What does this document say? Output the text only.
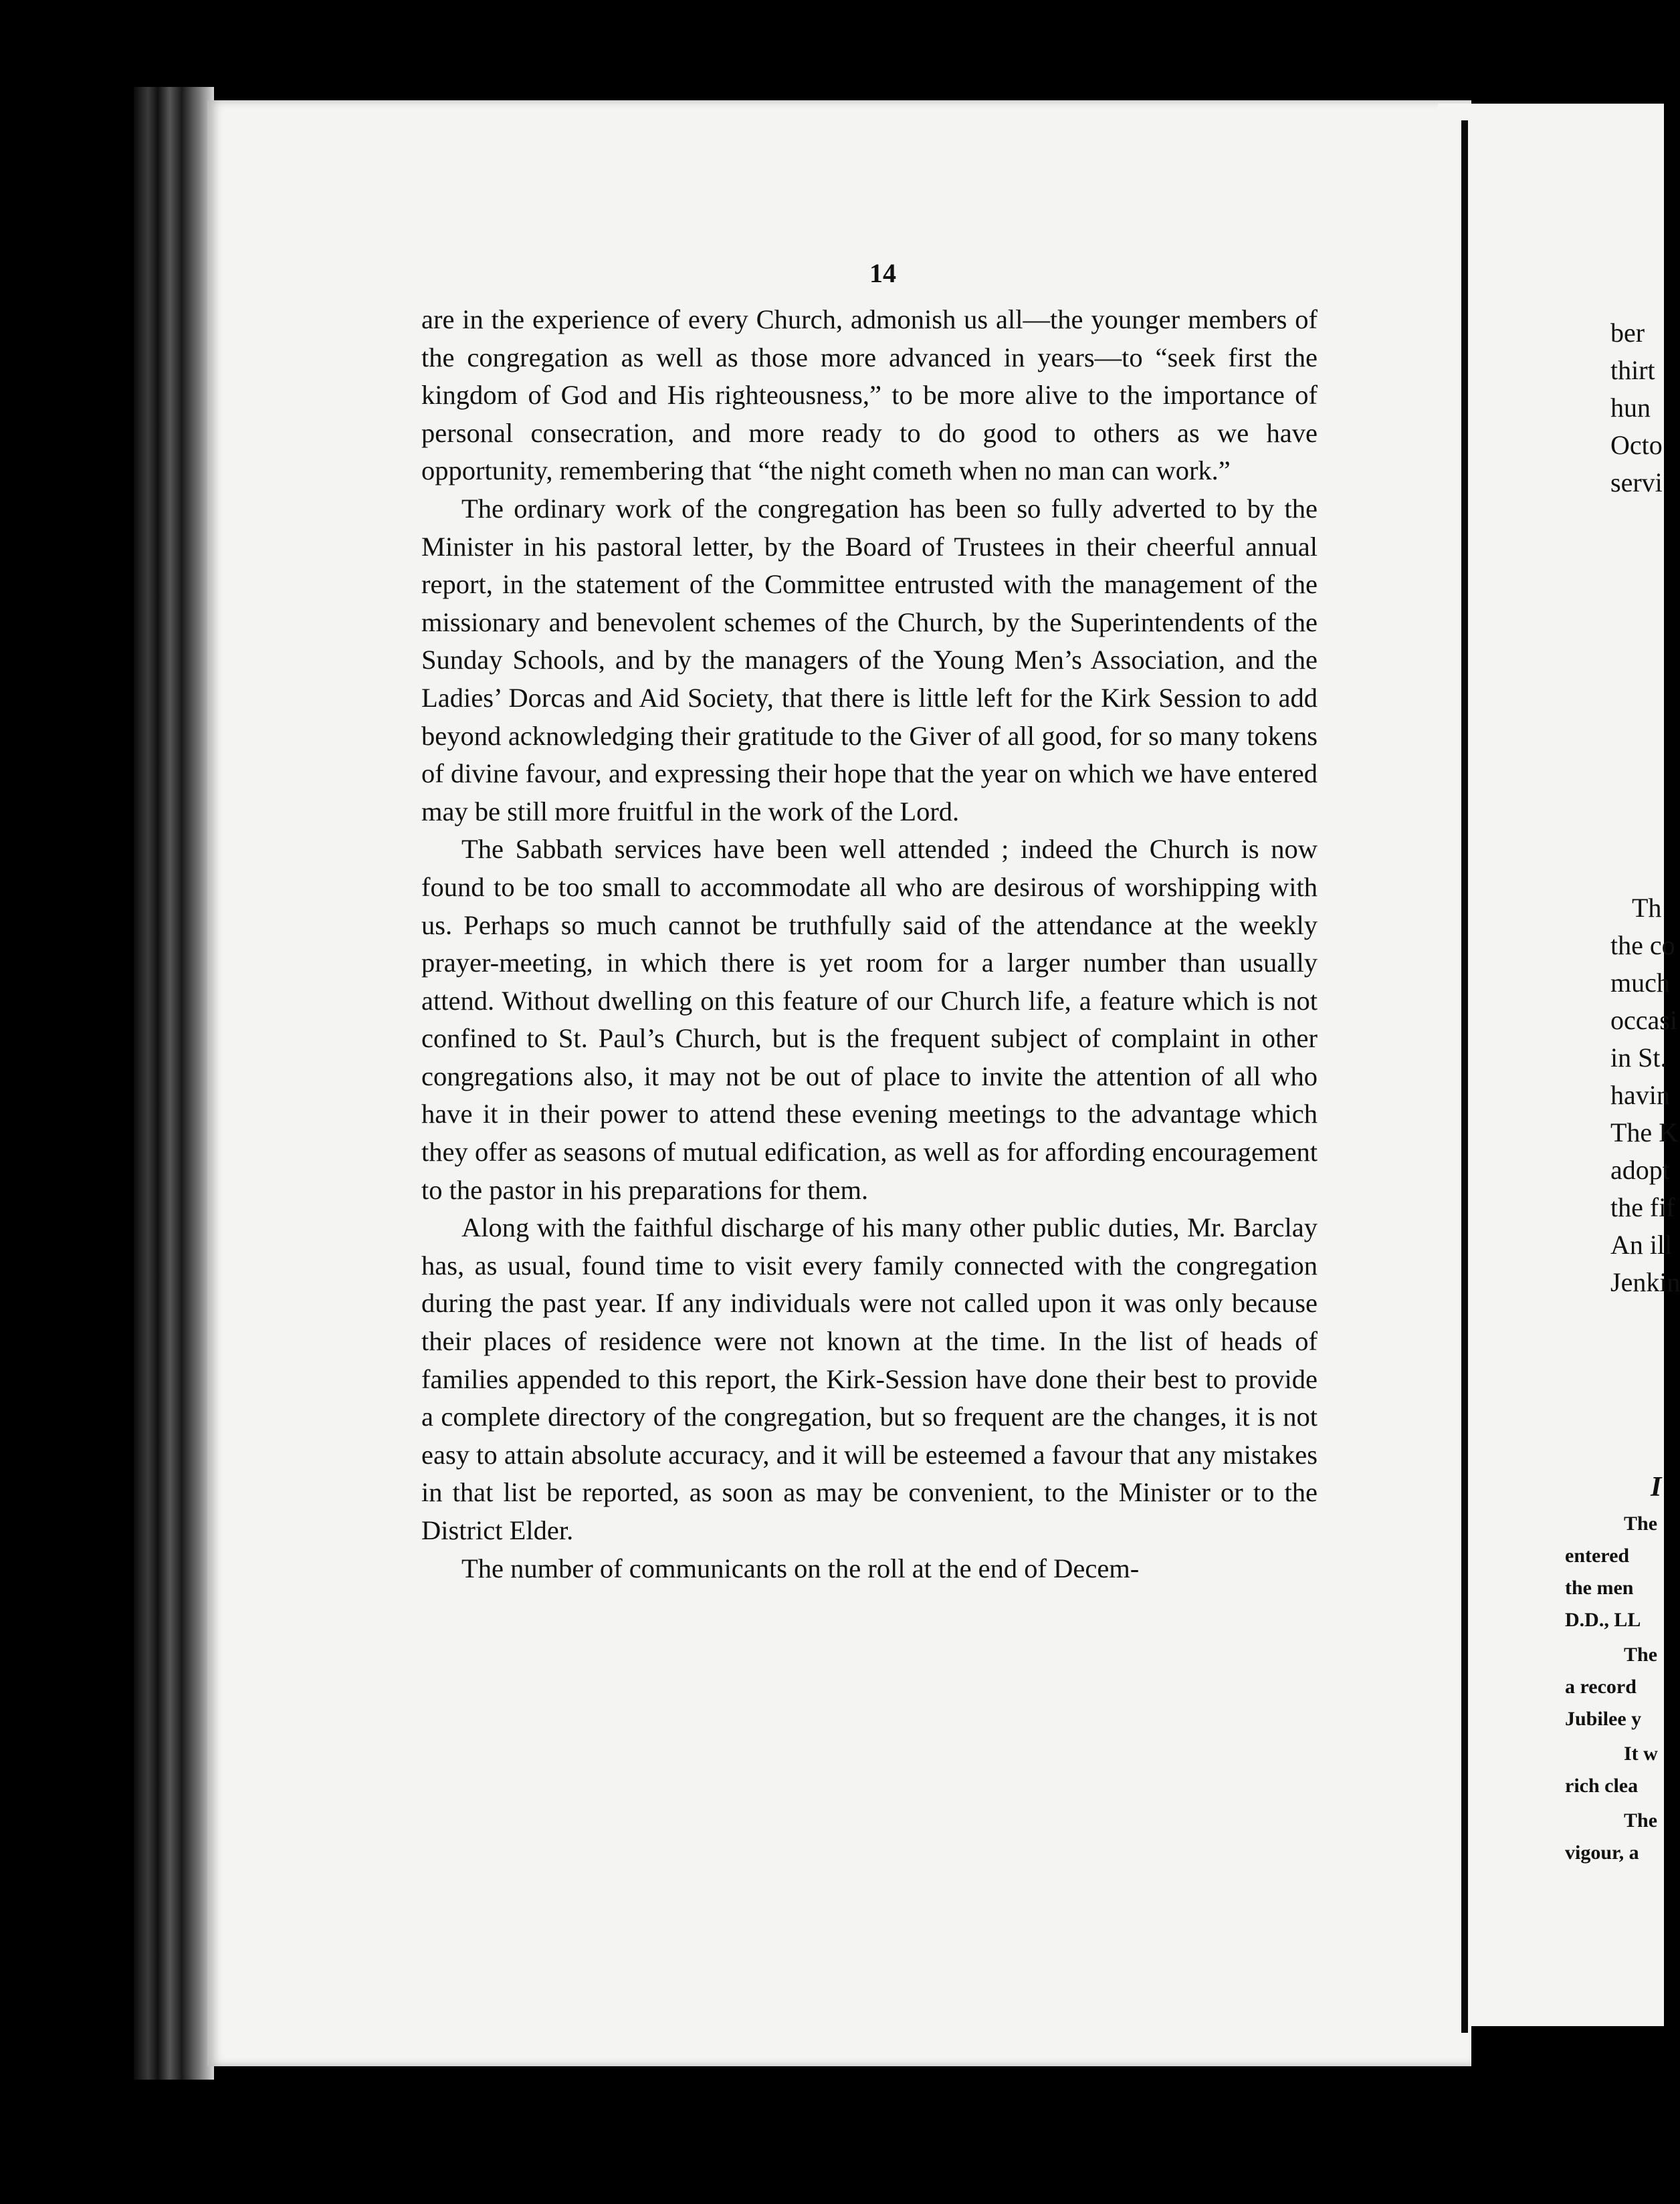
14

are in the experience of every Church, admonish us all—the younger members of the congregation as well as those more advanced in years—to “seek first the kingdom of God and His righteousness,” to be more alive to the importance of personal consecration, and more ready to do good to others as we have opportunity, remembering that “the night cometh when no man can work.”

The ordinary work of the congregation has been so fully adverted to by the Minister in his pastoral letter, by the Board of Trustees in their cheerful annual report, in the statement of the Committee entrusted with the management of the missionary and benevolent schemes of the Church, by the Superintendents of the Sunday Schools, and by the managers of the Young Men’s Association, and the Ladies’ Dorcas and Aid Society, that there is little left for the Kirk Session to add beyond acknowledging their gratitude to the Giver of all good, for so many tokens of divine favour, and expressing their hope that the year on which we have entered may be still more fruitful in the work of the Lord.

The Sabbath services have been well attended ; indeed the Church is now found to be too small to accommodate all who are desirous of worshipping with us. Perhaps so much cannot be truthfully said of the attendance at the weekly prayer-meeting, in which there is yet room for a larger number than usually attend. Without dwelling on this feature of our Church life, a feature which is not confined to St. Paul’s Church, but is the frequent subject of complaint in other congregations also, it may not be out of place to invite the attention of all who have it in their power to attend these evening meetings to the advantage which they offer as seasons of mutual edification, as well as for affording encouragement to the pastor in his preparations for them.

Along with the faithful discharge of his many other public duties, Mr. Barclay has, as usual, found time to visit every family connected with the congregation during the past year. If any individuals were not called upon it was only because their places of residence were not known at the time. In the list of heads of families appended to this report, the Kirk-Session have done their best to provide a complete directory of the congregation, but so frequent are the changes, it is not easy to attain absolute accuracy, and it will be esteemed a favour that any mistakes in that list be reported, as soon as may be convenient, to the Minister or to the District Elder.

The number of communicants on the roll at the end of Decem-

ber
thirt
hun
Octo
servi
Th
the co
much
occasi
in St.
havin
The K
adopt
the fif
An ill
Jenkin
I
The
entered
the men
D.D., LL
The
a record
Jubilee y
It w
rich clea
The
vigour, a
